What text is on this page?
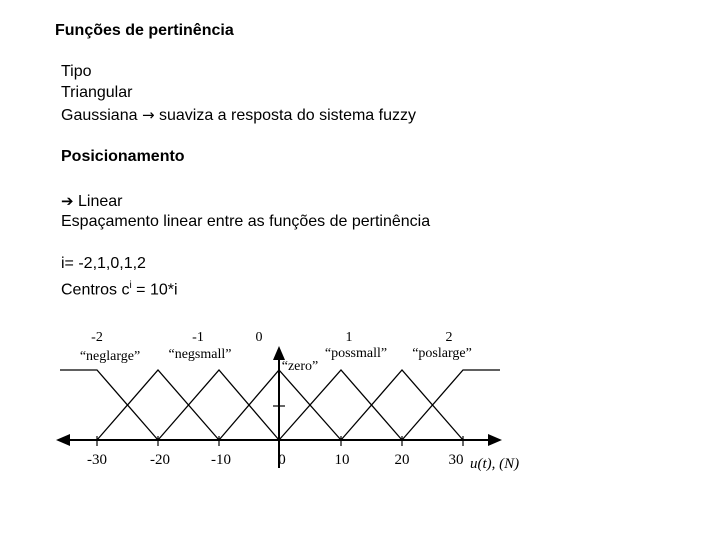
Funções de pertinência
Tipo
Triangular
Gaussiana → suaviza a resposta do sistema fuzzy
Posicionamento
➔ Linear
Espaçamento linear entre as funções de pertinência
i= -2,1,0,1,2
Centros $c^i = 10*i$
-2	-1	0	1	2
“neglarge” “negsmall”
“zero”
“possmall” “poslarge”
-30	-20	-10	0	10	20	30 u(t), (N)
